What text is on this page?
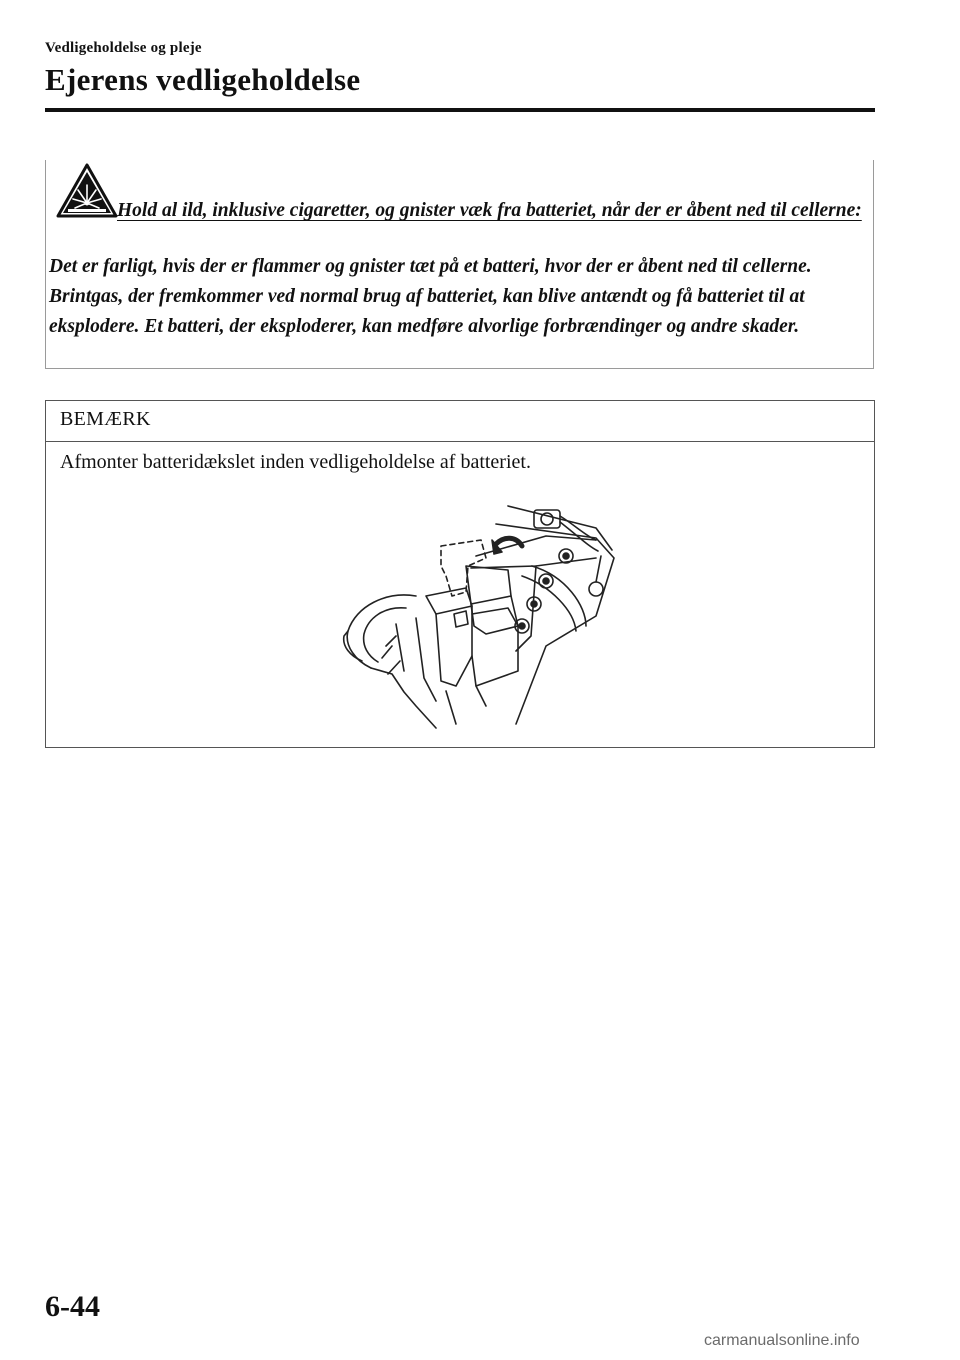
Vedligeholdelse og pleje
Ejerens vedligeholdelse
Hold al ild, inklusive cigaretter, og gnister væk fra batteriet, når der er åbent ned til cellerne:
Det er farligt, hvis der er flammer og gnister tæt på et batteri, hvor der er åbent ned til cellerne. Brintgas, der fremkommer ved normal brug af batteriet, kan blive antændt og få batteriet til at eksplodere. Et batteri, der eksploderer, kan medføre alvorlige forbrændinger og andre skader.
BEMÆRK
Afmonter batteridækslet inden vedligeholdelse af batteriet.
6-44
carmanualsonline.info
